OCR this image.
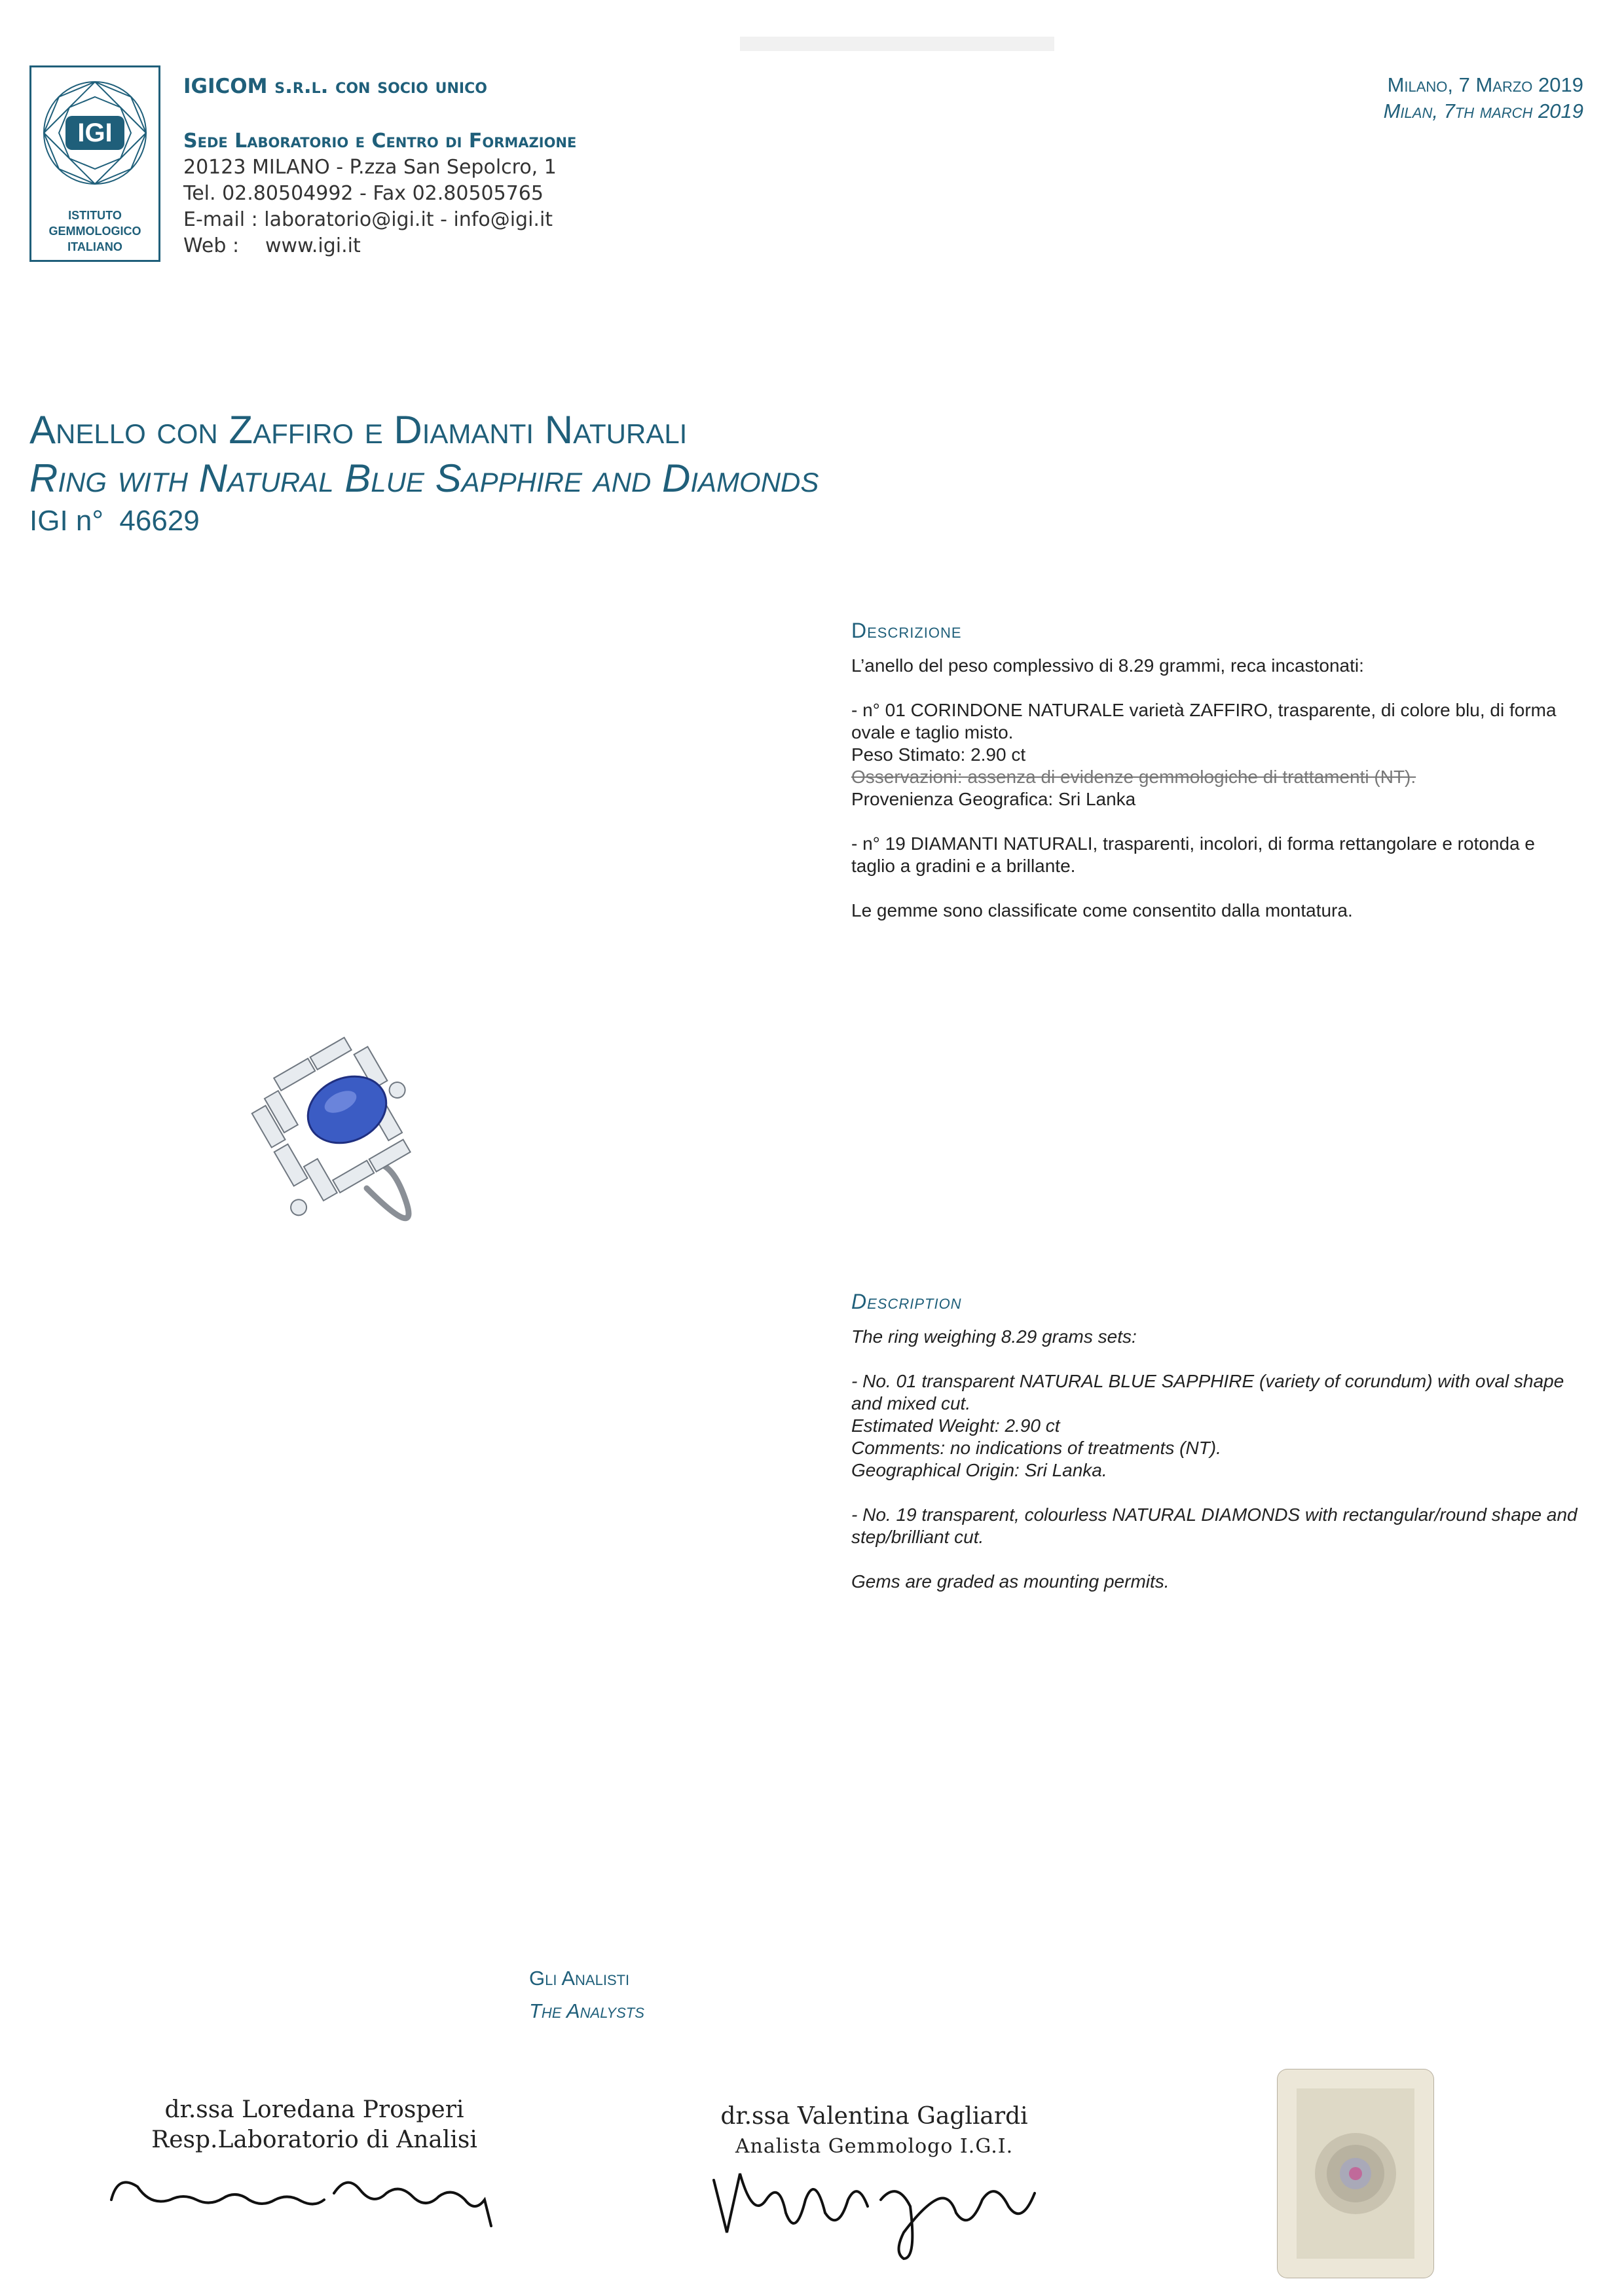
IGI
ISTITUTO GEMMOLOGICO ITALIANO
IGICOM s.r.l. con socio unico
Sede Laboratorio e Centro di Formazione
20123 MILANO - P.zza San Sepolcro, 1
Tel. 02.80504992 - Fax 02.80505765
E-mail : laboratorio@igi.it - info@igi.it
Web : www.igi.it
Milano, 7 Marzo 2019
Milan, 7th march 2019
Anello con Zaffiro e Diamanti Naturali
Ring with Natural Blue Sapphire and Diamonds
IGI n° 46629
Descrizione

L’anello del peso complessivo di 8.29 grammi, reca incastonati:

- n° 01 CORINDONE NATURALE varietà ZAFFIRO, trasparente, di colore blu, di forma ovale e taglio misto.
Peso Stimato: 2.90 ct
Osservazioni: assenza di evidenze gemmologiche di trattamenti (NT).
Provenienza Geografica: Sri Lanka

- n° 19 DIAMANTI NATURALI, trasparenti, incolori, di forma rettangolare e rotonda e taglio a gradini e a brillante.

Le gemme sono classificate come consentito dalla montatura.

Description

The ring weighing 8.29 grams sets:

- No. 01 transparent NATURAL BLUE SAPPHIRE (variety of corundum) with oval shape and mixed cut.
Estimated Weight: 2.90 ct
Comments: no indications of treatments (NT).
Geographical Origin: Sri Lanka.

- No. 19 transparent, colourless NATURAL DIAMONDS with rectangular/round shape and step/brilliant cut.

Gems are graded as mounting permits.

Gli Analisti
The Analysts
dr.ssa Loredana Prosperi
Resp.Laboratorio di Analisi
dr.ssa Valentina Gagliardi
Analista Gemmologo I.G.I.
